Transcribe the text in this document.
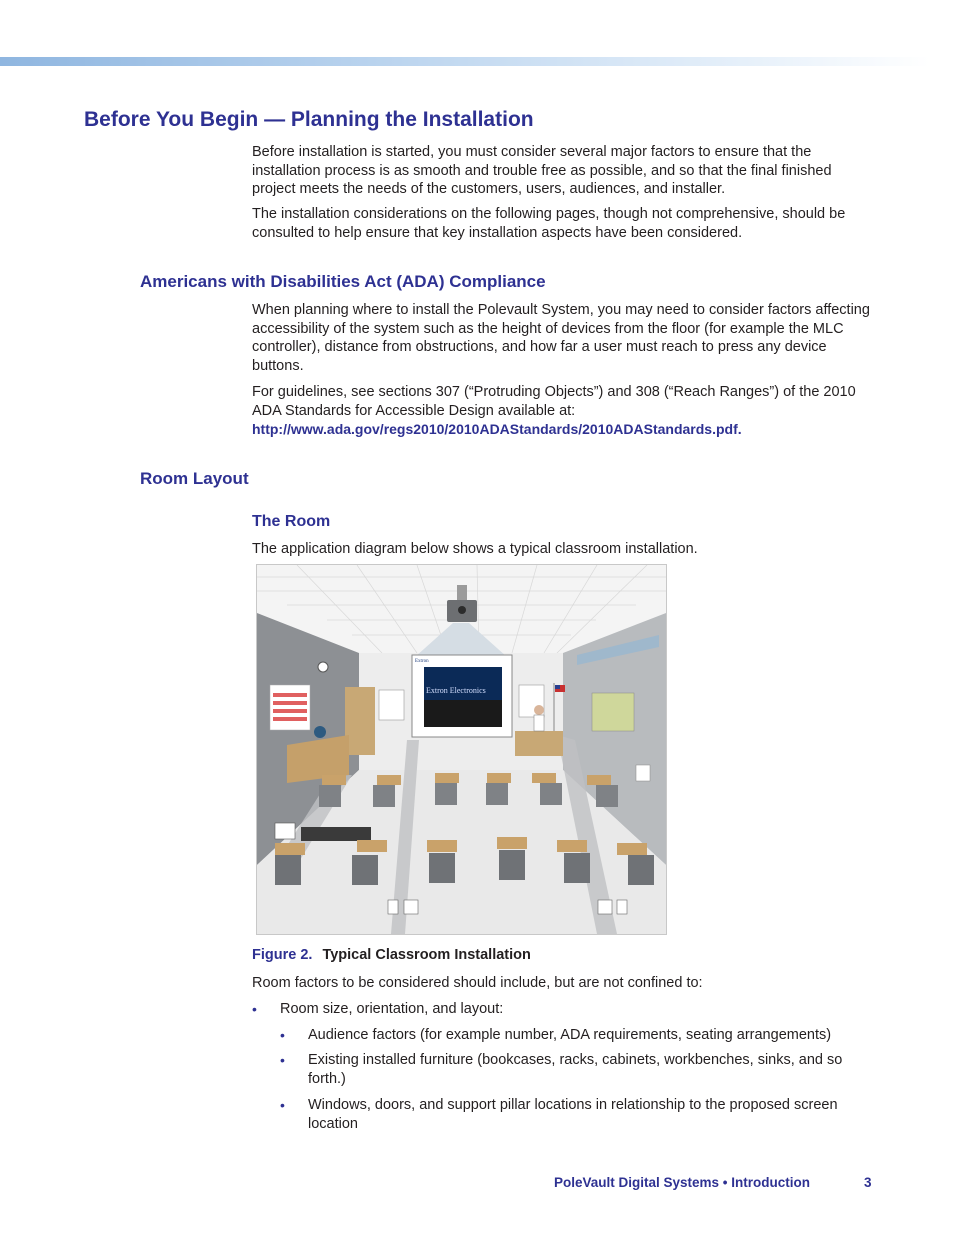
Before You Begin — Planning the Installation

Before installation is started, you must consider several major factors to ensure that the installation process is as smooth and trouble free as possible, and so that the final finished project meets the needs of the customers, users, audiences, and installer.

The installation considerations on the following pages, though not comprehensive, should be consulted to help ensure that key installation aspects have been considered.

Americans with Disabilities Act (ADA) Compliance

When planning where to install the Polevault System, you may need to consider factors affecting accessibility of the system such as the height of devices from the floor (for example the MLC controller), distance from obstructions, and how far a user must reach to press any device buttons.

For guidelines, see sections 307 (“Protruding Objects”) and 308 (“Reach Ranges”) of the 2010 ADA Standards for Accessible Design available at:
http://www.ada.gov/regs2010/2010ADAStandards/2010ADAStandards.pdf.

Room Layout
The Room

The application diagram below shows a typical classroom installation.

Extron
Extron Electronics
Figure 2. Typical Classroom Installation

Room factors to be considered should include, but are not confined to:

• Room size, orientation, and layout:
• Audience factors (for example number, ADA requirements, seating arrangements)
• Existing installed furniture (bookcases, racks, cabinets, workbenches, sinks, and so forth.)
• Windows, doors, and support pillar locations in relationship to the proposed screen location
PoleVault Digital Systems • Introduction	3
